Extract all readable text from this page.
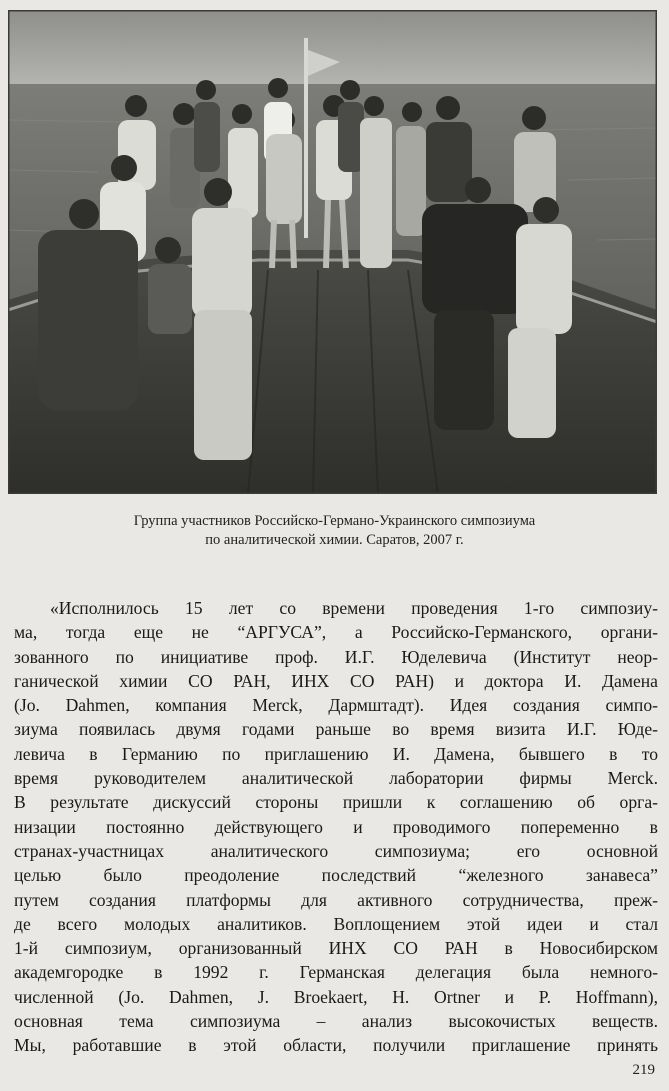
Группа участников Российско-Германо-Украинского симпозиума
по аналитической химии. Саратов, 2007 г.
«Исполнилось 15 лет со времени проведения 1-го симпозиу-
ма, тогда еще не “АРГУСА”, а Российско-Германского, органи-
зованного по инициативе проф. И.Г. Юделевича (Институт неор-
ганической химии СО РАН, ИНХ СО РАН) и доктора И. Дамена
(Jo. Dahmen, компания Merck, Дармштадт). Идея создания симпо-
зиума появилась двумя годами раньше во время визита И.Г. Юде-
левича в Германию по приглашению И. Дамена, бывшего в то
время руководителем аналитической лаборатории фирмы Merck.
В результате дискуссий стороны пришли к соглашению об орга-
низации постоянно действующего и проводимого попеременно в
странах-участницах аналитического симпозиума; его основной
целью было преодоление последствий “железного занавеса”
путем создания платформы для активного сотрудничества, преж-
де всего молодых аналитиков. Воплощением этой идеи и стал
1-й симпозиум, организованный ИНХ СО РАН в Новосибирском
академгородке в 1992 г. Германская делегация была немного-
численной (Jo. Dahmen, J. Broekaert, H. Ortner и P. Hoffmann),
основная тема симпозиума – анализ высокочистых веществ.
Мы, работавшие в этой области, получили приглашение принять
219
